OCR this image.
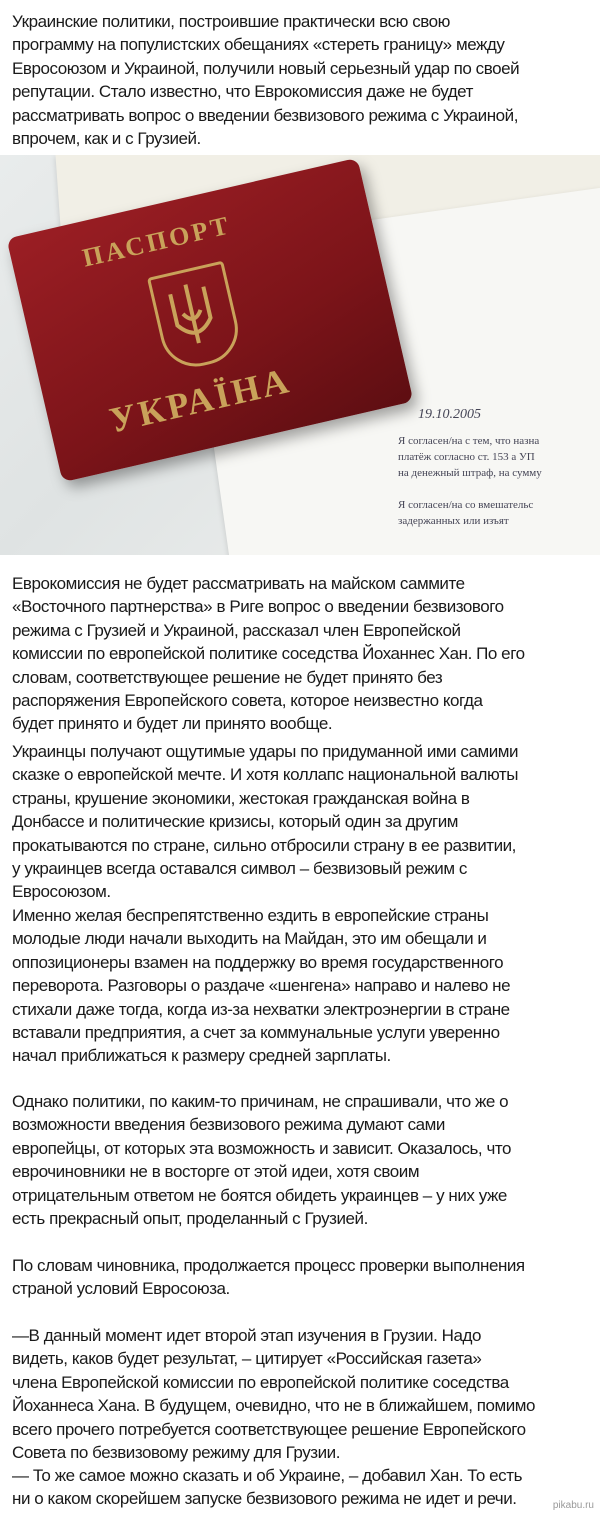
Украинские политики, построившие практически всю свою
программу на популистских обещаниях «стереть границу» между
Евросоюзом и Украиной, получили новый серьезный удар по своей
репутации. Стало известно, что Еврокомиссия даже не будет
рассматривать вопрос о введении безвизового режима с Украиной,
впрочем, как и с Грузией.
19.10.2005
Я согласен/на с тем, что назна
платёж согласно ст. 153 а УП
на денежный штраф, на сумму

Я согласен/на со вмешательс
задержанных или изъят
ПАСПОРТ
УКРАЇНА
Еврокомиссия не будет рассматривать на майском саммите
«Восточного партнерства» в Риге вопрос о введении безвизового
режима с Грузией и Украиной, рассказал член Европейской
комиссии по европейской политике соседства Йоханнес Хан. По его
словам, соответствующее решение не будет принято без
распоряжения Европейского совета, которое неизвестно когда
будет принято и будет ли принято вообще.
Украинцы получают ощутимые удары по придуманной ими самими
сказке о европейской мечте. И хотя коллапс национальной валюты
страны, крушение экономики, жестокая гражданская война в
Донбассе и политические кризисы, который один за другим
прокатываются по стране, сильно отбросили страну в ее развитии,
у украинцев всегда оставался символ – безвизовый режим с
Евросоюзом.
Именно желая беспрепятственно ездить в европейские страны
молодые люди начали выходить на Майдан, это им обещали и
оппозиционеры взамен на поддержку во время государственного
переворота. Разговоры о раздаче «шенгена» направо и налево не
стихали даже тогда, когда из-за нехватки электроэнергии в стране
вставали предприятия, а счет за коммунальные услуги уверенно
начал приближаться к размеру средней зарплаты.
Однако политики, по каким-то причинам, не спрашивали, что же о
возможности введения безвизового режима думают сами
европейцы, от которых эта возможность и зависит. Оказалось, что
еврочиновники не в восторге от этой идеи, хотя своим
отрицательным ответом не боятся обидеть украинцев – у них уже
есть прекрасный опыт, проделанный с Грузией.
По словам чиновника, продолжается процесс проверки выполнения
страной условий Евросоюза.
—В данный момент идет второй этап изучения в Грузии. Надо
видеть, каков будет результат, – цитирует «Российская газета»
члена Европейской комиссии по европейской политике соседства
Йоханнеса Хана. В будущем, очевидно, что не в ближайшем, помимо
всего прочего потребуется соответствующее решение Европейского
Совета по безвизовому режиму для Грузии.
— То же самое можно сказать и об Украине, – добавил Хан. То есть
ни о каком скорейшем запуске безвизового режима не идет и речи.	pikabu.ru
